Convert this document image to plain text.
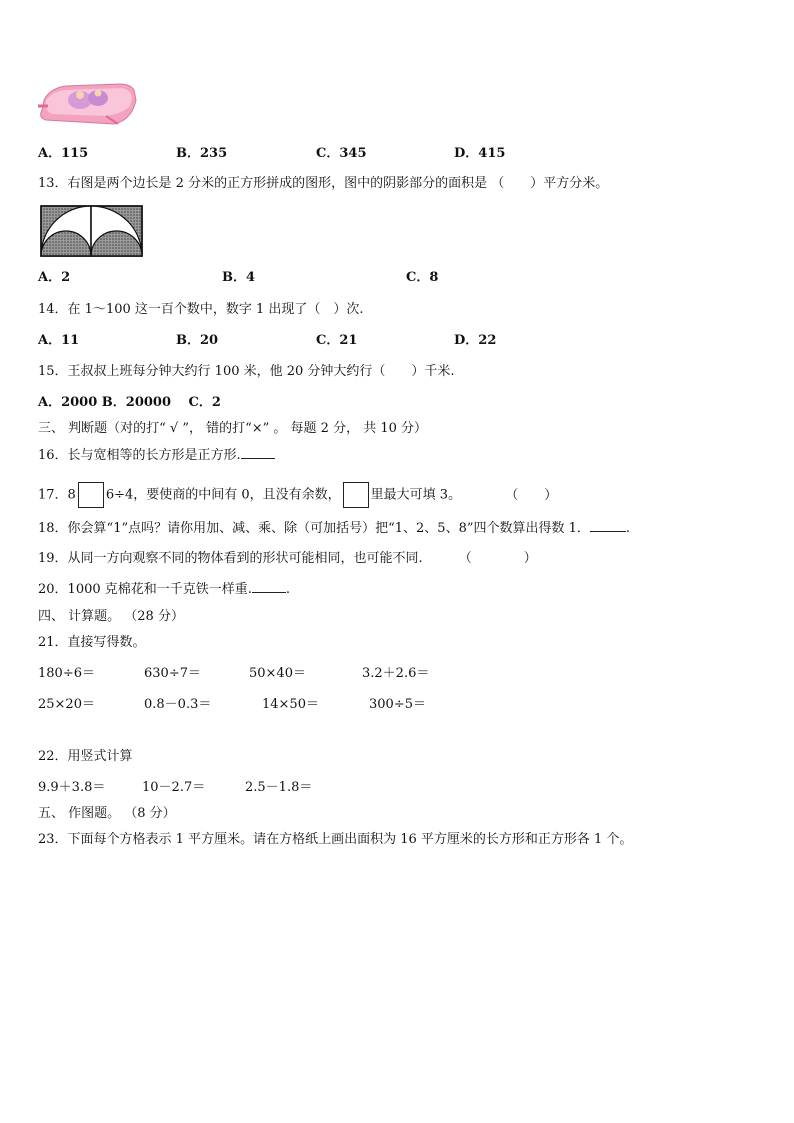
A．115	B．235	C．345	D．415
13．右图是两个边长是 2 分米的正方形拼成的图形，图中的阴影部分的面积是 （　　）平方分米。
A．2	B．4	C．8
14．在 1～100 这一百个数中，数字 1 出现了（　）次.
A．11	B．20	C．21	D．22
15．王叔叔上班每分钟大约行 100 米，他 20 分钟大约行（　　）千米.
A．2000 B．20000　 C．2
三、 判断题（对的打“ √ ”， 错的打“×” 。 每题 2 分， 共 10 分）
16．长与宽相等的长方形是正方形.
17．8 6÷4，要使商的中间有 0，且没有余数， 里最大可填 3。	（　　）
18．你会算“1”点吗？请你用加、减、乘、除（可加括号）把“1、2、5、8”四个数算出得数 1．	.
19．从同一方向观察不同的物体看到的形状可能相同，也可能不同.	（　　　　）
20．1000 克棉花和一千克铁一样重.	.
四、 计算题。 （28 分）
21．直接写得数。
180÷6＝	630÷7＝	50×40＝	3.2＋2.6＝
25×20＝	0.8－0.3＝	14×50＝	300÷5＝
22．用竖式计算
9.9＋3.8＝	10－2.7＝	2.5－1.8＝
五、 作图题。 （8 分）
23．下面每个方格表示 1 平方厘米。请在方格纸上画出面积为 16 平方厘米的长方形和正方形各 1 个。
